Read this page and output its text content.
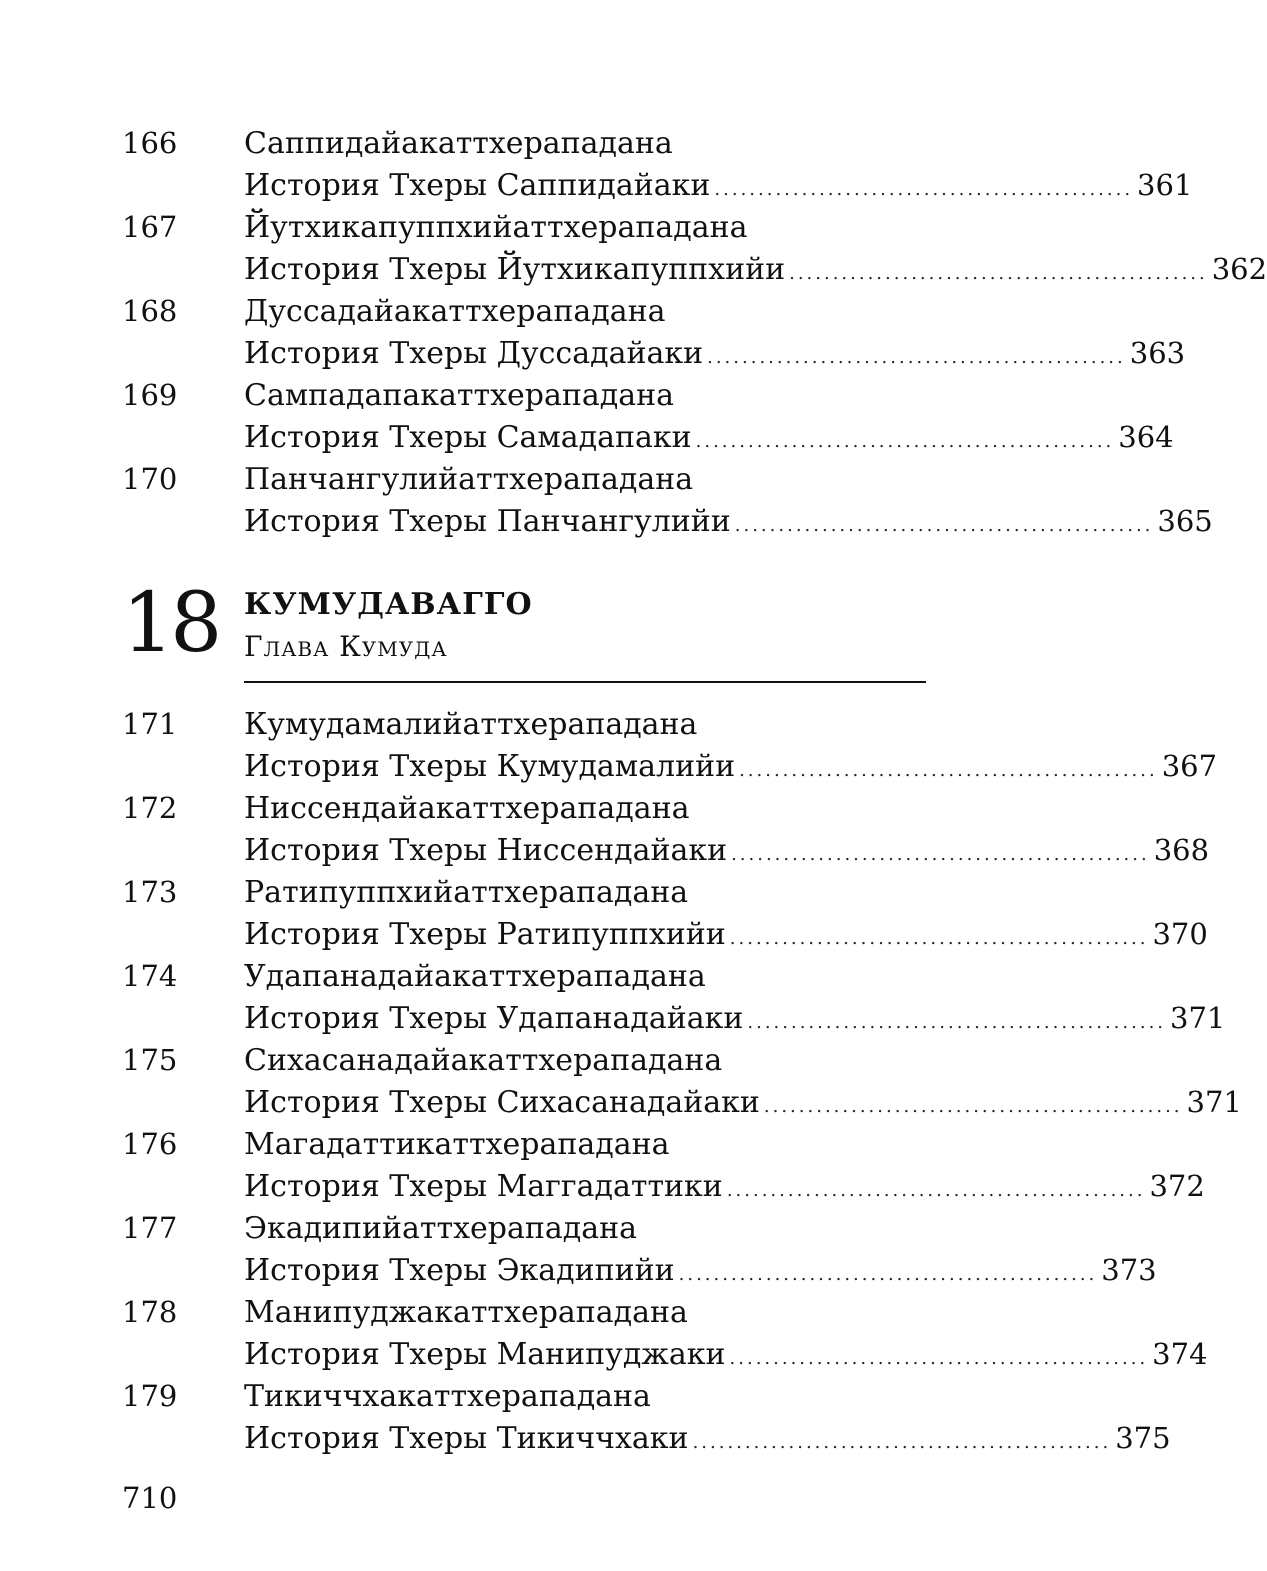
166	Саппидайакаттхерападана
История Тхеры Саппидайаки ................................................ 361
167	Йутхикапуппхийаттхерападана
История Тхеры Йутхикапуппхийи ................................................ 362
168	Дуссадайакаттхерападана
История Тхеры Дуссадайаки ................................................ 363
169	Сампадапакаттхерападана
История Тхеры Самадапаки ................................................ 364
170	Панчангулийаттхерападана
История Тхеры Панчангулийи ................................................ 365
18 КУМУДАВАГГО
Глава Кумуда
171	Кумудамалийаттхерападана
История Тхеры Кумудамалийи ................................................ 367
172	Ниссендайакаттхерападана
История Тхеры Ниссендайаки ................................................ 368
173	Ратипуппхийаттхерападана
История Тхеры Ратипуппхийи ................................................ 370
174	Удапанадайакаттхерападана
История Тхеры Удапанадайаки ................................................ 371
175	Сихасанадайакаттхерападана
История Тхеры Сихасанадайаки ................................................ 371
176	Магадаттикаттхерападана
История Тхеры Маггадаттики ................................................ 372
177	Экадипийаттхерападана
История Тхеры Экадипийи ................................................ 373
178	Манипуджакаттхерападана
История Тхеры Манипуджаки ................................................ 374
179	Тикиччхакаттхерападана
История Тхеры Тикиччхаки ................................................ 375
710
